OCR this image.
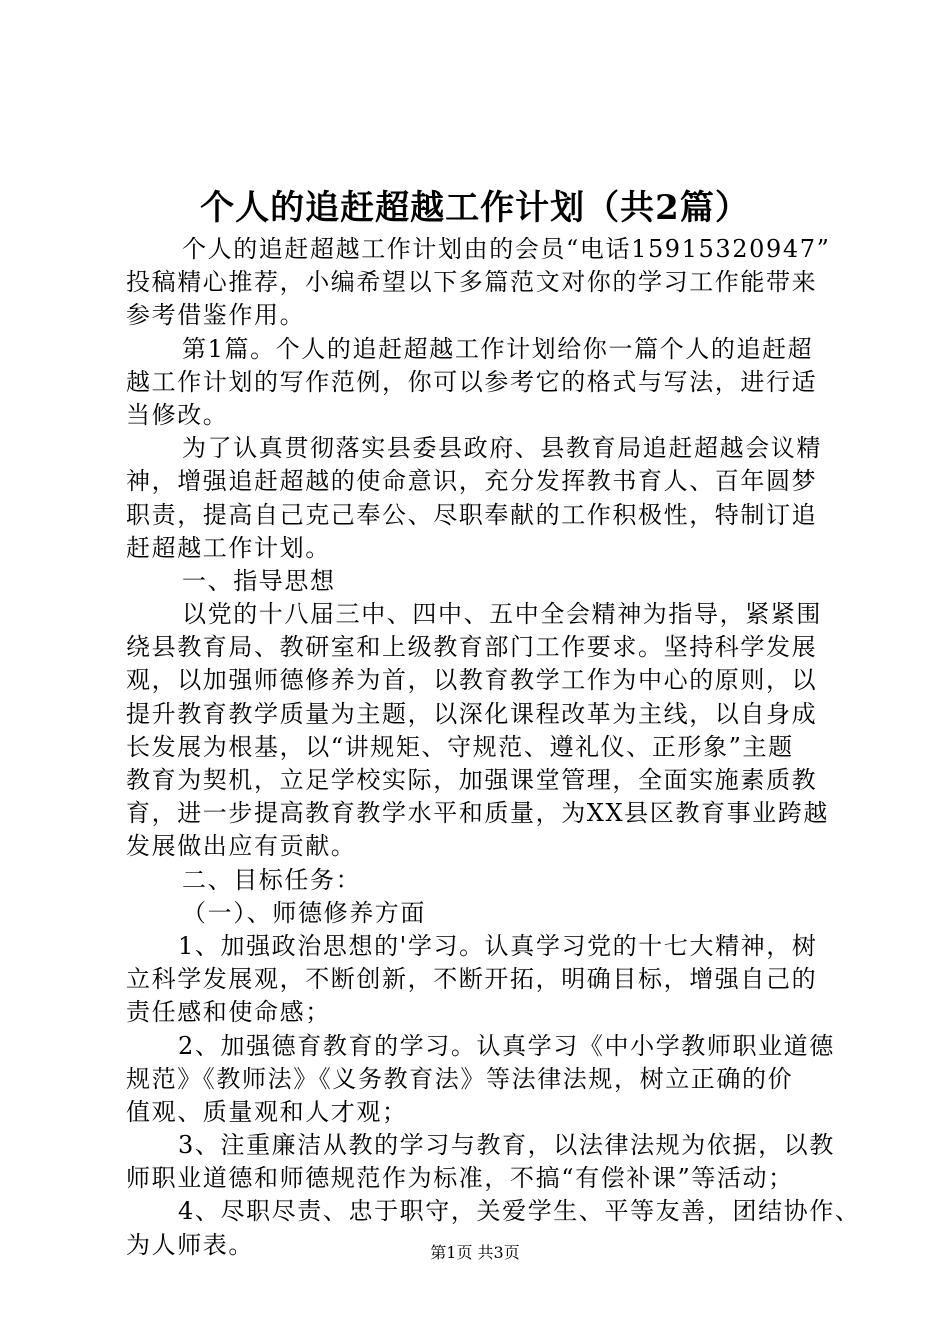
个人的追赶超越工作计划（共2篇）
个人的追赶超越工作计划由的会员“电话15915320947”
投稿精心推荐，小编希望以下多篇范文对你的学习工作能带来
参考借鉴作用。
第1篇。个人的追赶超越工作计划给你一篇个人的追赶超
越工作计划的写作范例，你可以参考它的格式与写法，进行适
当修改。
为了认真贯彻落实县委县政府、县教育局追赶超越会议精
神，增强追赶超越的使命意识，充分发挥教书育人、百年圆梦
职责，提高自己克己奉公、尽职奉献的工作积极性，特制订追
赶超越工作计划。
一、指导思想
以党的十八届三中、四中、五中全会精神为指导，紧紧围
绕县教育局、教研室和上级教育部门工作要求。坚持科学发展
观，以加强师德修养为首，以教育教学工作为中心的原则，以
提升教育教学质量为主题，以深化课程改革为主线，以自身成
长发展为根基，以“讲规矩、守规范、遵礼仪、正形象”主题
教育为契机，立足学校实际，加强课堂管理，全面实施素质教
育，进一步提高教育教学水平和质量，为XX县区教育事业跨越
发展做出应有贡献。
二、目标任务：
（一）、师德修养方面
1、加强政治思想的'学习。认真学习党的十七大精神，树
立科学发展观，不断创新，不断开拓，明确目标，增强自己的
责任感和使命感；
2、加强德育教育的学习。认真学习《中小学教师职业道德
规范》《教师法》《义务教育法》等法律法规，树立正确的价
值观、质量观和人才观；
3、注重廉洁从教的学习与教育，以法律法规为依据，以教
师职业道德和师德规范作为标准，不搞“有偿补课”等活动；
4、尽职尽责、忠于职守，关爱学生、平等友善，团结协作、
为人师表。	第1页 共3页
